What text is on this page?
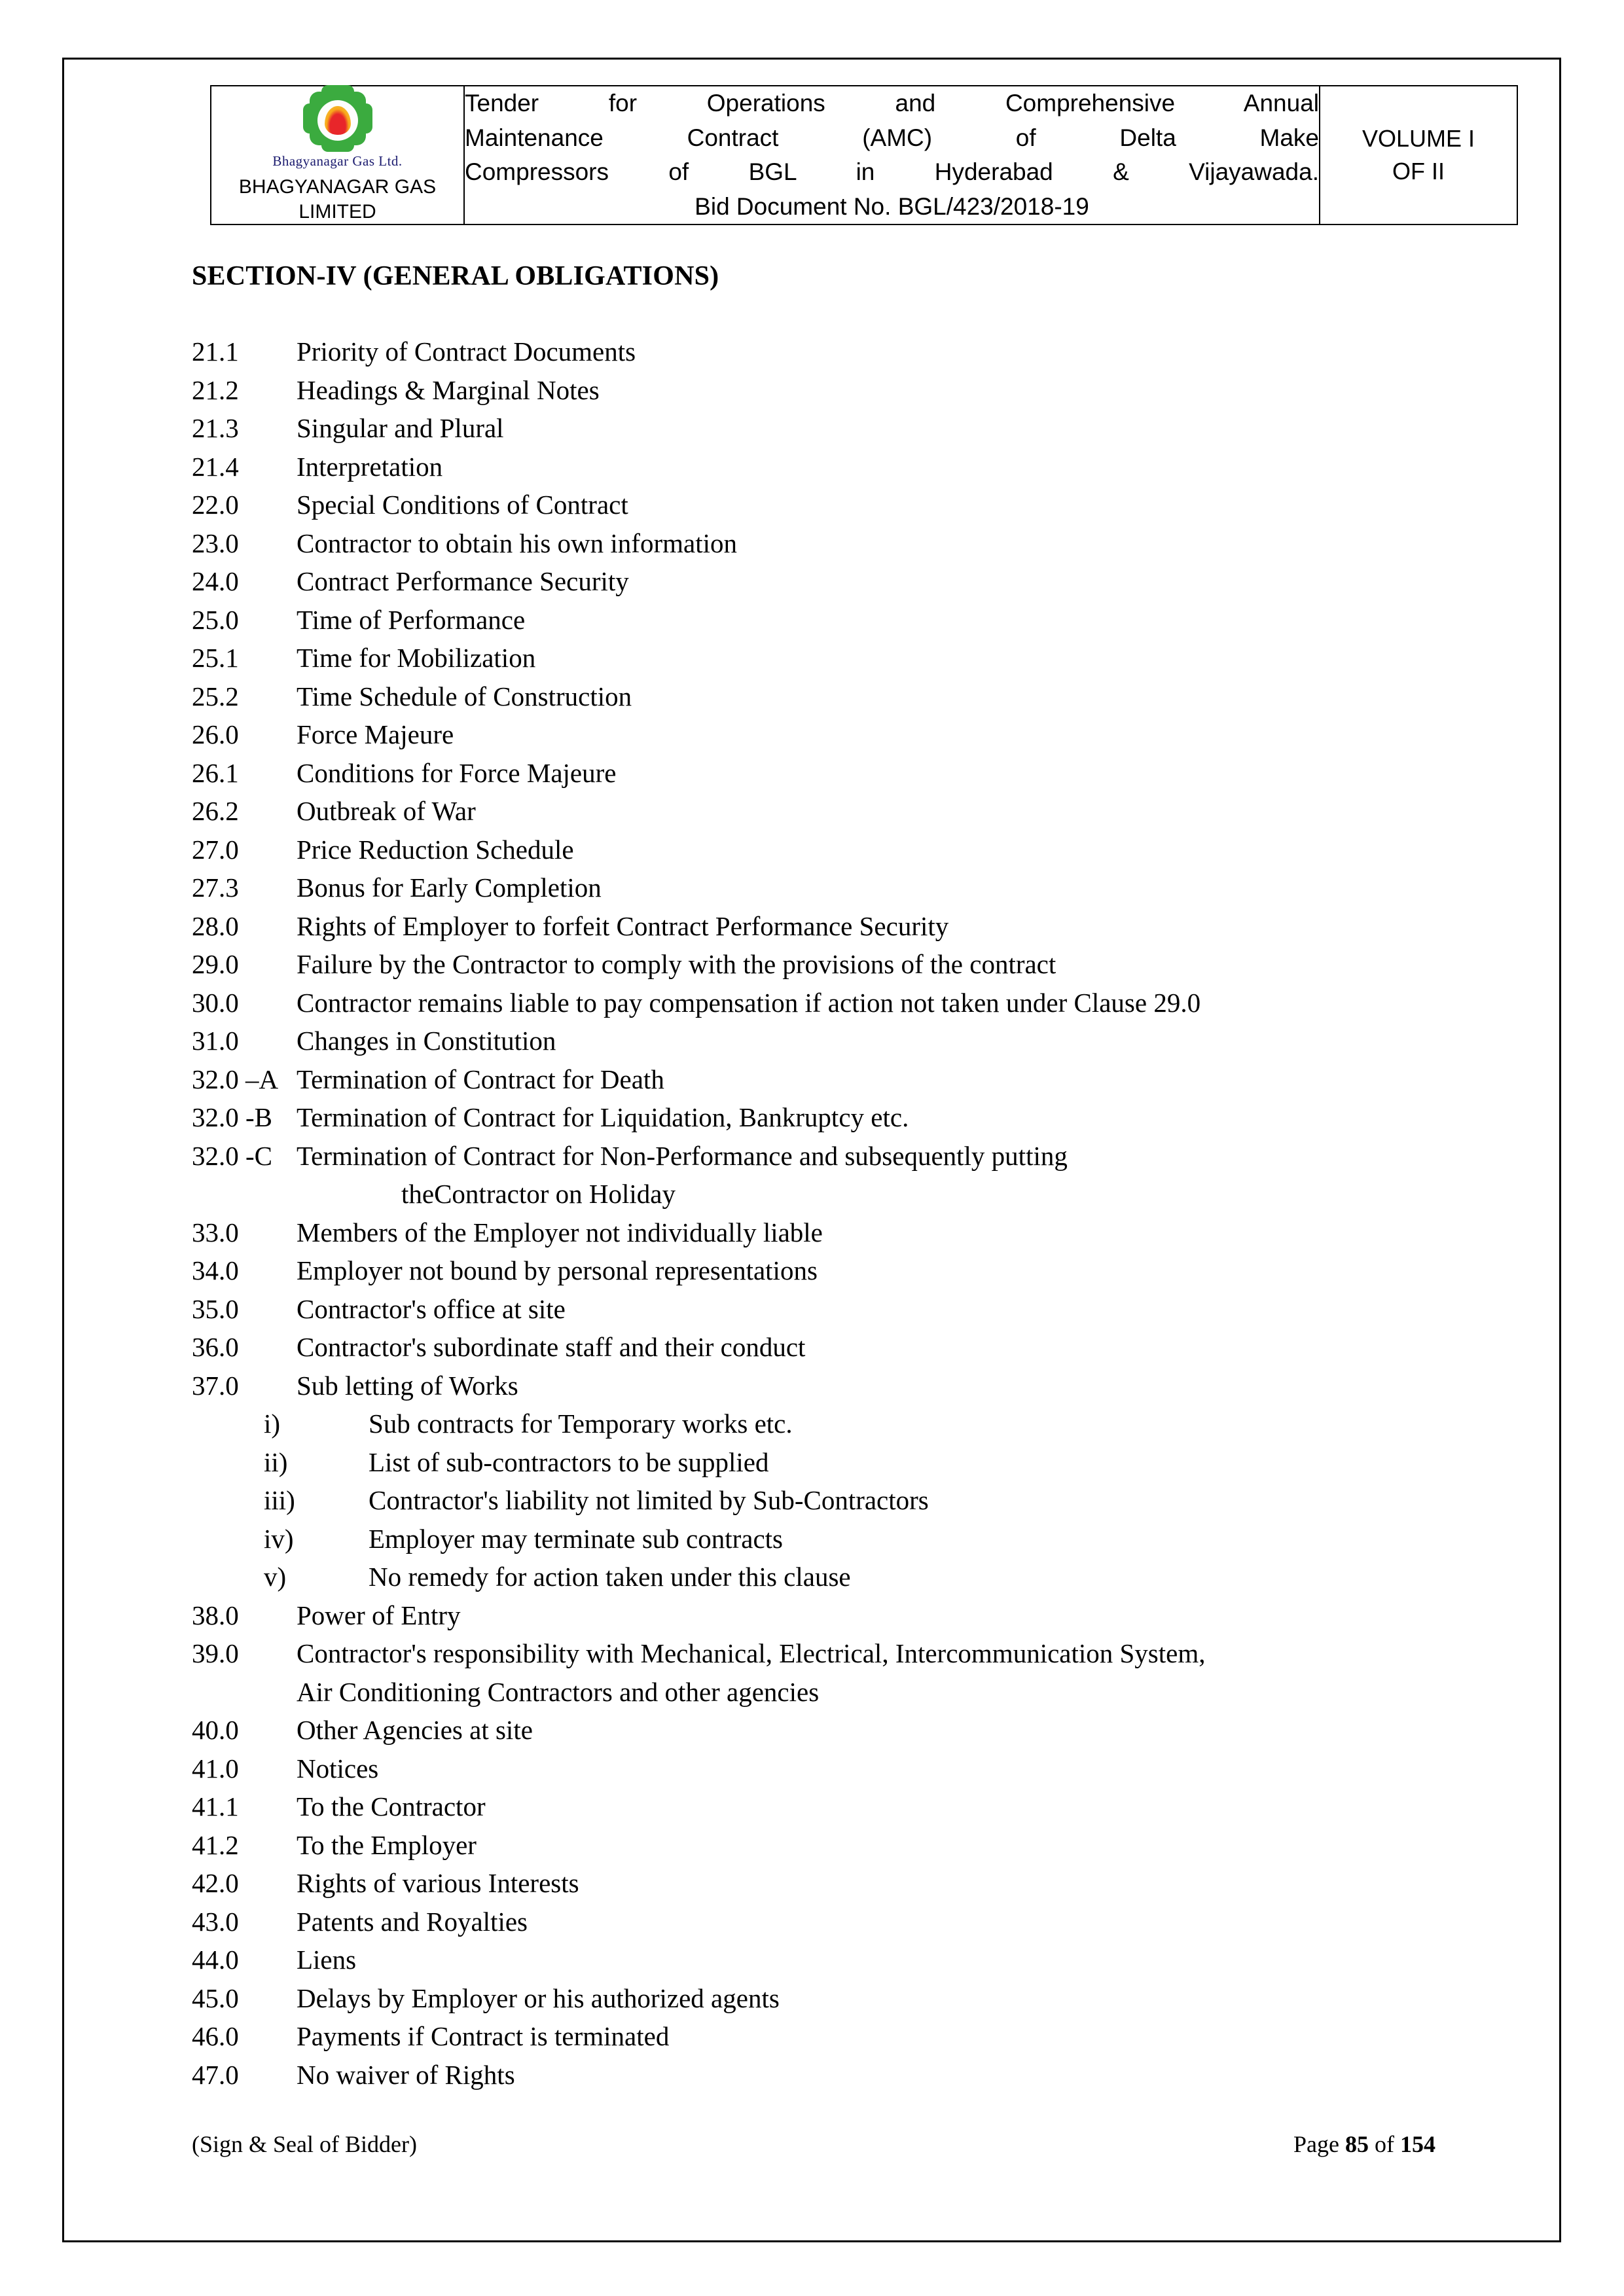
Bhagyanagar Gas Ltd.
BHAGYANAGAR GAS
LIMITED

Tender for Operations and Comprehensive Annual
Maintenance Contract (AMC) of Delta Make
Compressors of BGL in Hyderabad & Vijayawada.
Bid Document No. BGL/423/2018-19

VOLUME I
OF II
SECTION-IV (GENERAL OBLIGATIONS)
21.1	Priority of Contract Documents
21.2	Headings & Marginal Notes
21.3	Singular and Plural
21.4	Interpretation
22.0	Special Conditions of Contract
23.0	Contractor to obtain his own information
24.0	Contract Performance Security
25.0	Time of Performance
25.1	Time for Mobilization
25.2	Time Schedule of Construction
26.0	Force Majeure
26.1	Conditions for Force Majeure
26.2	Outbreak of War
27.0	Price Reduction Schedule
27.3	Bonus for Early Completion
28.0	Rights of Employer to forfeit Contract Performance Security
29.0	Failure by the Contractor to comply with the provisions of the contract
30.0	Contractor remains liable to pay compensation if action not taken under Clause 29.0
31.0	Changes in Constitution
32.0 –A Termination of Contract for Death
32.0 -B Termination of Contract for Liquidation, Bankruptcy etc.
32.0 -C Termination of Contract for Non-Performance and subsequently putting
theContractor on Holiday
33.0	Members of the Employer not individually liable
34.0	Employer not bound by personal representations
35.0	Contractor's office at site
36.0	Contractor's subordinate staff and their conduct
37.0	Sub letting of Works
i)	Sub contracts for Temporary works etc.
ii)	List of sub-contractors to be supplied
iii)	Contractor's liability not limited by Sub-Contractors
iv)	Employer may terminate sub contracts
v)	No remedy for action taken under this clause
38.0	Power of Entry
39.0	Contractor's responsibility with Mechanical, Electrical, Intercommunication System,
Air Conditioning Contractors and other agencies
40.0	Other Agencies at site
41.0	Notices
41.1	To the Contractor
41.2	To the Employer
42.0	Rights of various Interests
43.0	Patents and Royalties
44.0	Liens
45.0	Delays by Employer or his authorized agents
46.0	Payments if Contract is terminated
47.0	No waiver of Rights
(Sign & Seal of Bidder)	Page 85 of 154
